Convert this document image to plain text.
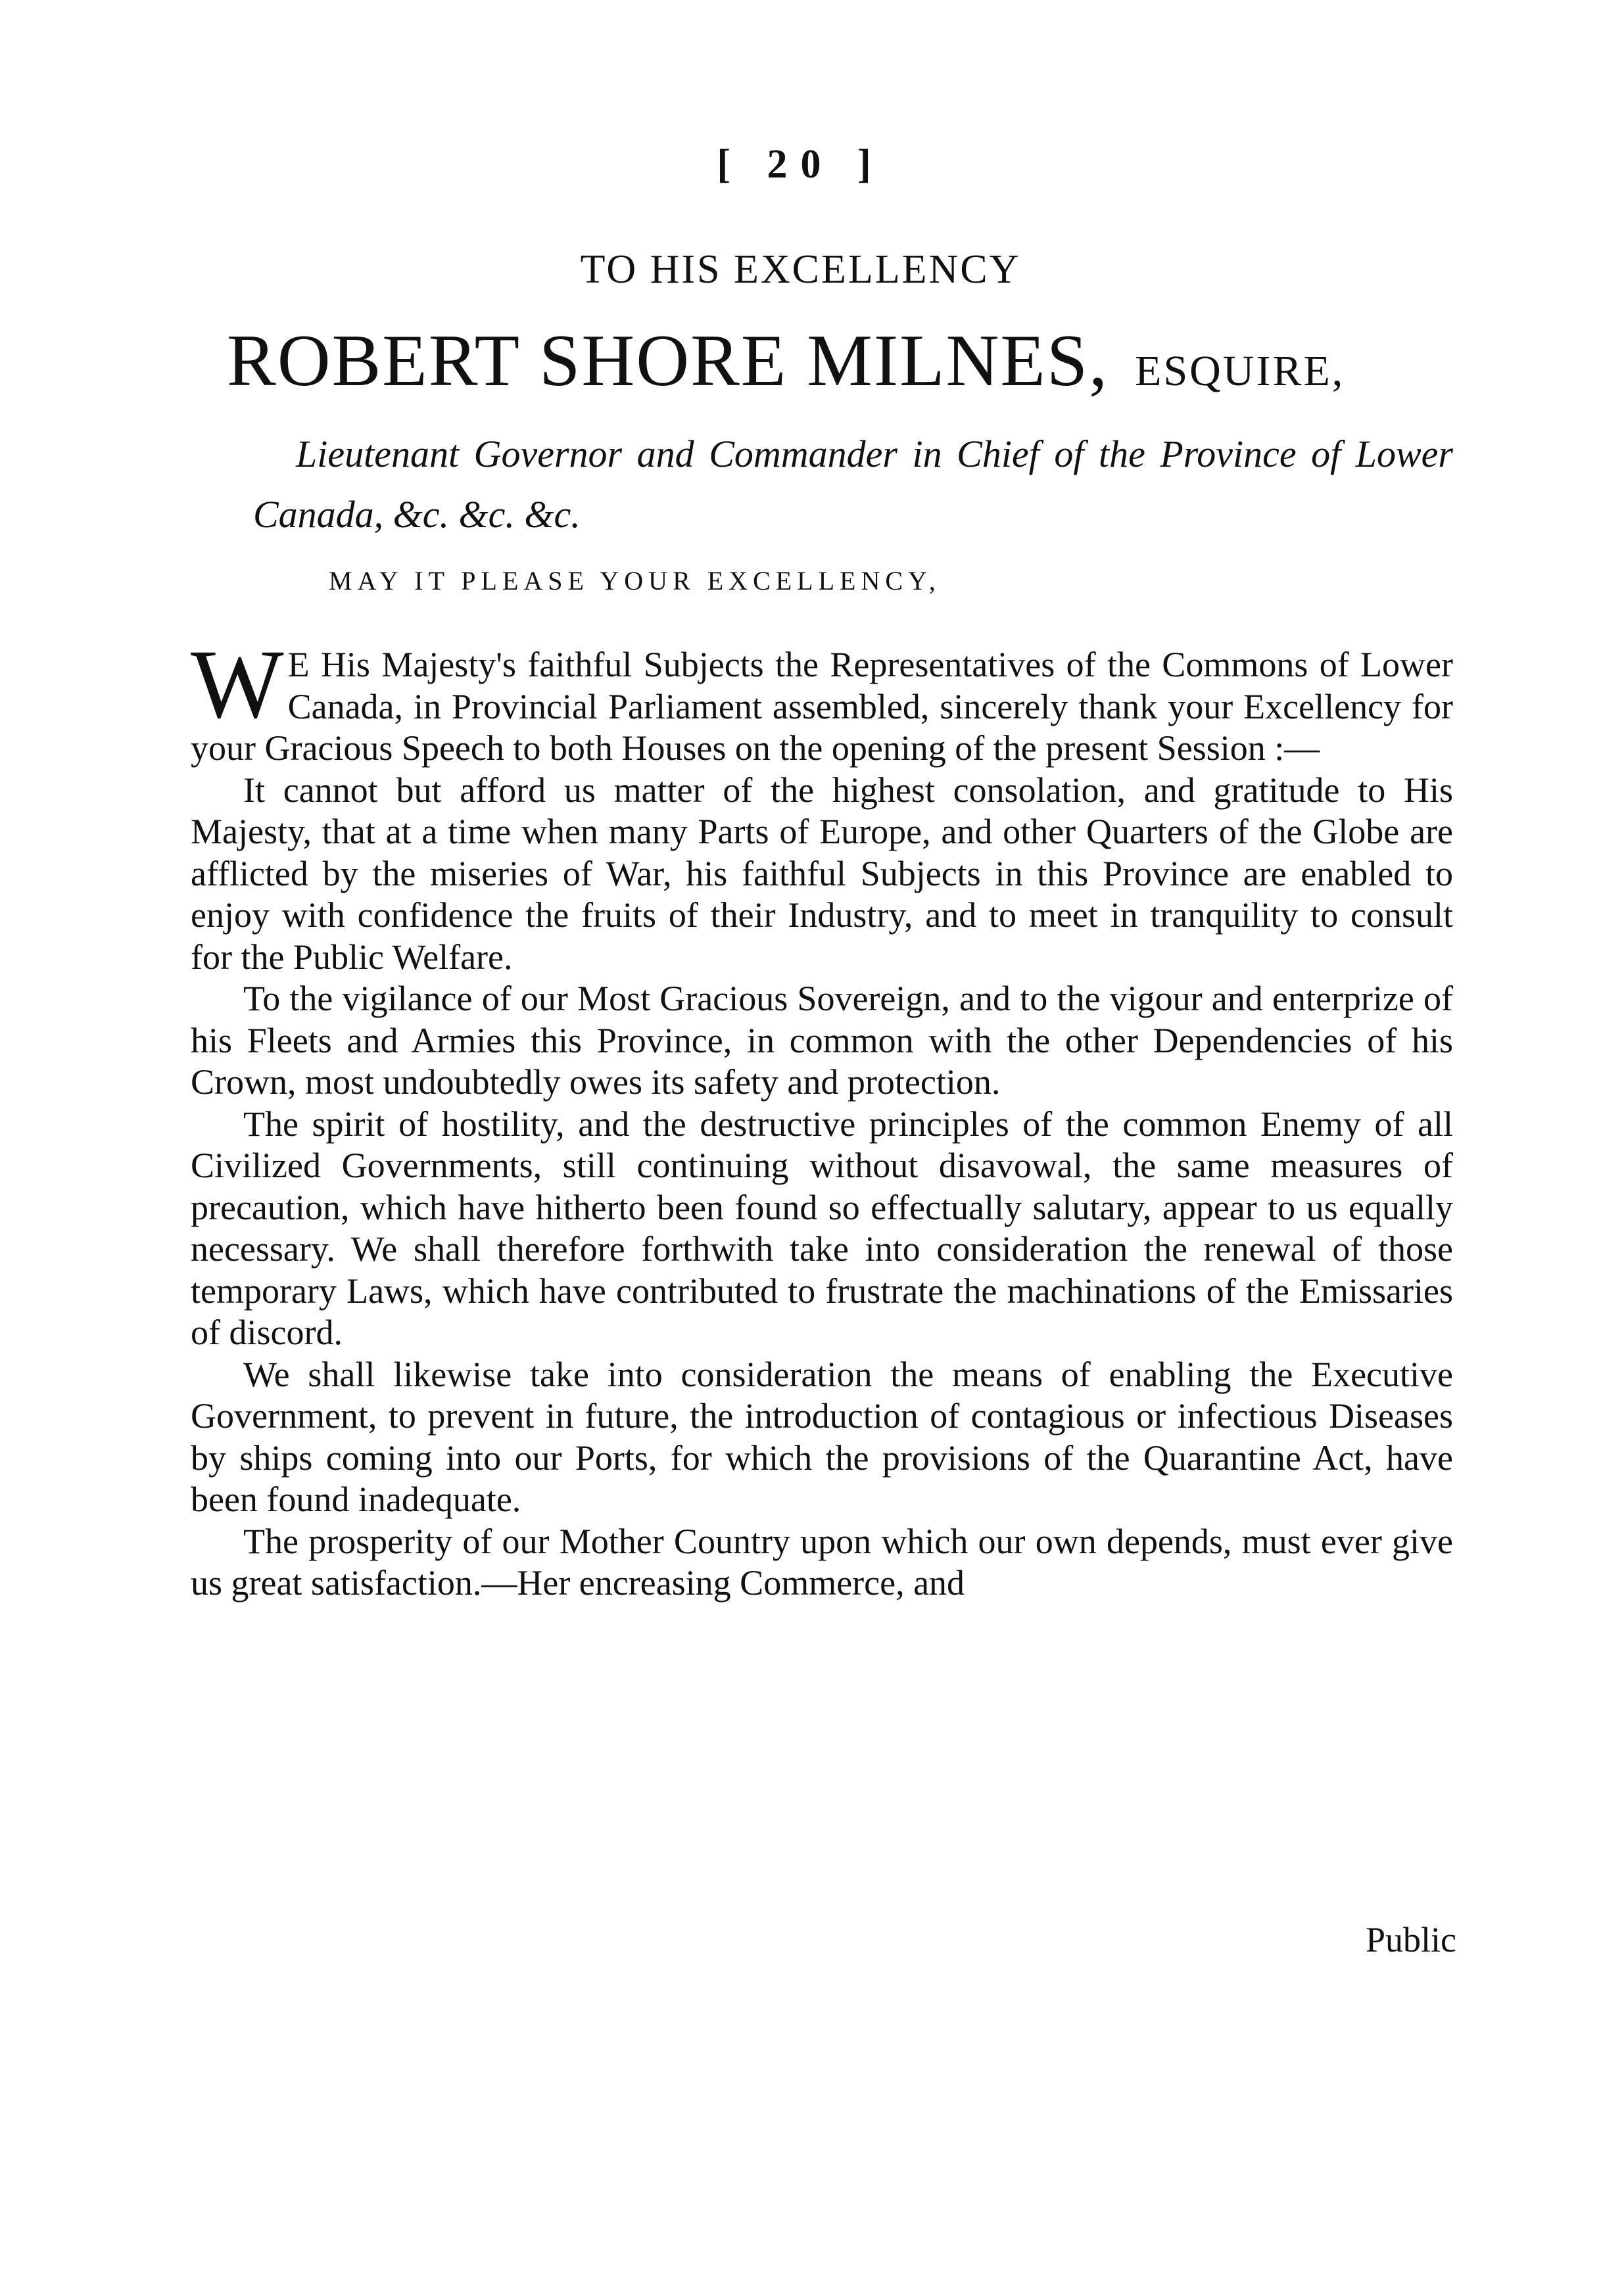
[ 20 ]
TO HIS EXCELLENCY
ROBERT SHORE MILNES, ESQUIRE,
Lieutenant Governor and Commander in Chief of the Province of Lower Canada, &c. &c. &c.
MAY IT PLEASE YOUR EXCELLENCY,

W E His Majesty's faithful Subjects the Representatives of the Commons of Lower Canada, in Provincial Parliament assembled, sincerely thank your Excellency for your Gracious Speech to both Houses on the opening of the present Session :—

It cannot but afford us matter of the highest consolation, and gratitude to His Majesty, that at a time when many Parts of Europe, and other Quarters of the Globe are afflicted by the miseries of War, his faithful Subjects in this Province are enabled to enjoy with confidence the fruits of their Industry, and to meet in tranquility to consult for the Public Welfare.

To the vigilance of our Most Gracious Sovereign, and to the vigour and enterprize of his Fleets and Armies this Province, in common with the other Dependencies of his Crown, most undoubtedly owes its safety and protection.

The spirit of hostility, and the destructive principles of the common Enemy of all Civilized Governments, still continuing without disavowal, the same measures of precaution, which have hitherto been found so effectually salutary, appear to us equally necessary. We shall therefore forthwith take into consideration the renewal of those temporary Laws, which have contributed to frustrate the machinations of the Emissaries of discord.

We shall likewise take into consideration the means of enabling the Executive Government, to prevent in future, the introduction of contagious or infectious Diseases by ships coming into our Ports, for which the provisions of the Quarantine Act, have been found inadequate.

The prosperity of our Mother Country upon which our own depends, must ever give us great satisfaction.—Her encreasing Commerce, and

Public
